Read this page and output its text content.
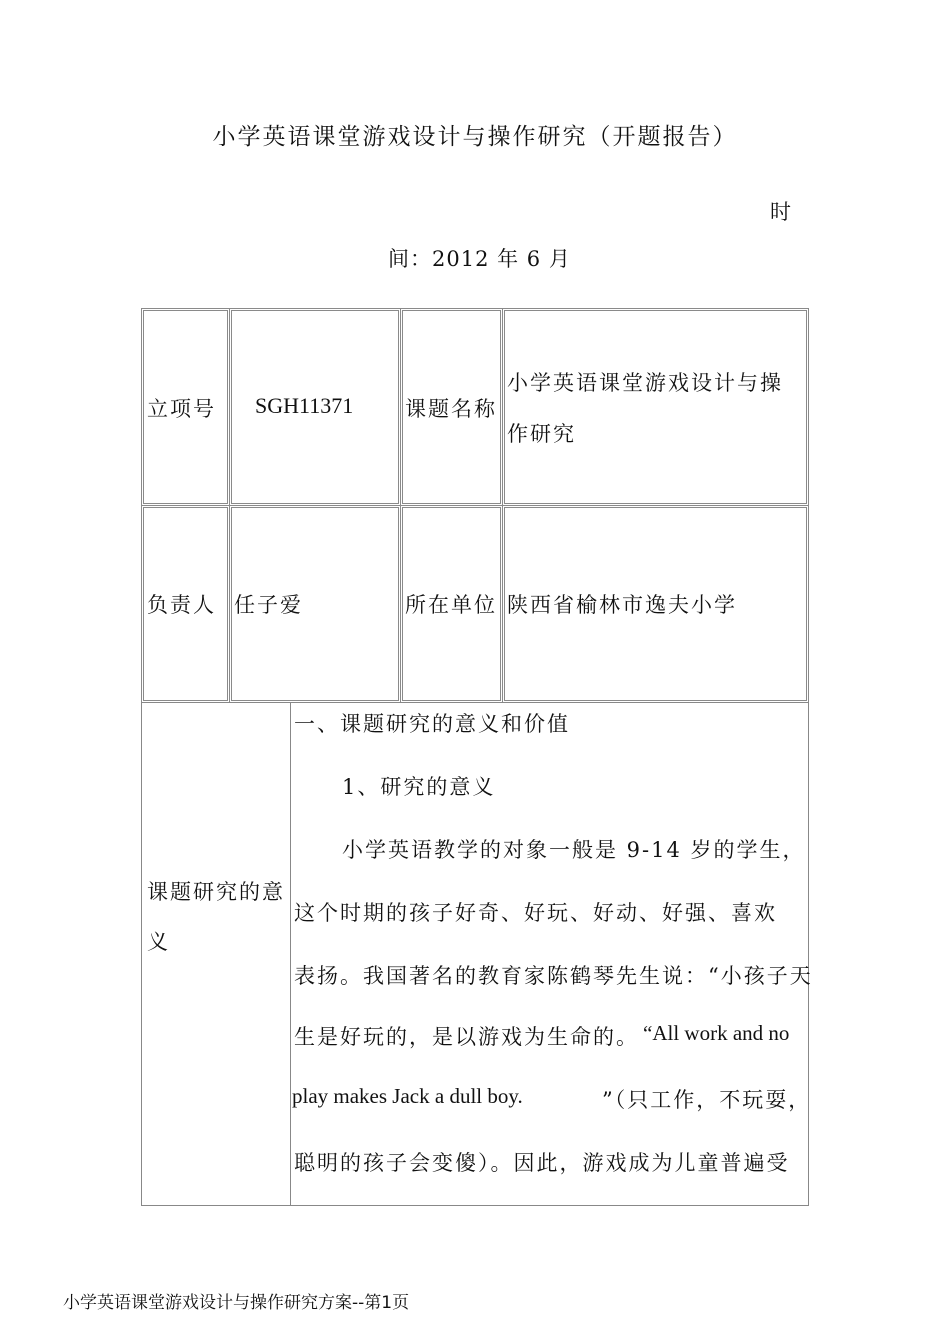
小学英语课堂游戏设计与操作研究（开题报告）
时
间：2012 年 6 月
立项号 SGH11371 课题名称
小学英语课堂游戏设计与操
作研究
负责人 任子爱	所在单位 陕西省榆林市逸夫小学
课题研究的意
义
一、课题研究的意义和价值
1、研究的意义
小学英语教学的对象一般是 9-14 岁的学生，
这个时期的孩子好奇、好玩、好动、好强、喜欢
表扬。我国著名的教育家陈鹤琴先生说：“小孩子天
生是好玩的，是以游戏为生命的。 “All work and no
play makes Jack a dull boy.	”（只工作，不玩耍，
聪明的孩子会变傻）。因此，游戏成为儿童普遍受
小学英语课堂游戏设计与操作研究方案--第1页
